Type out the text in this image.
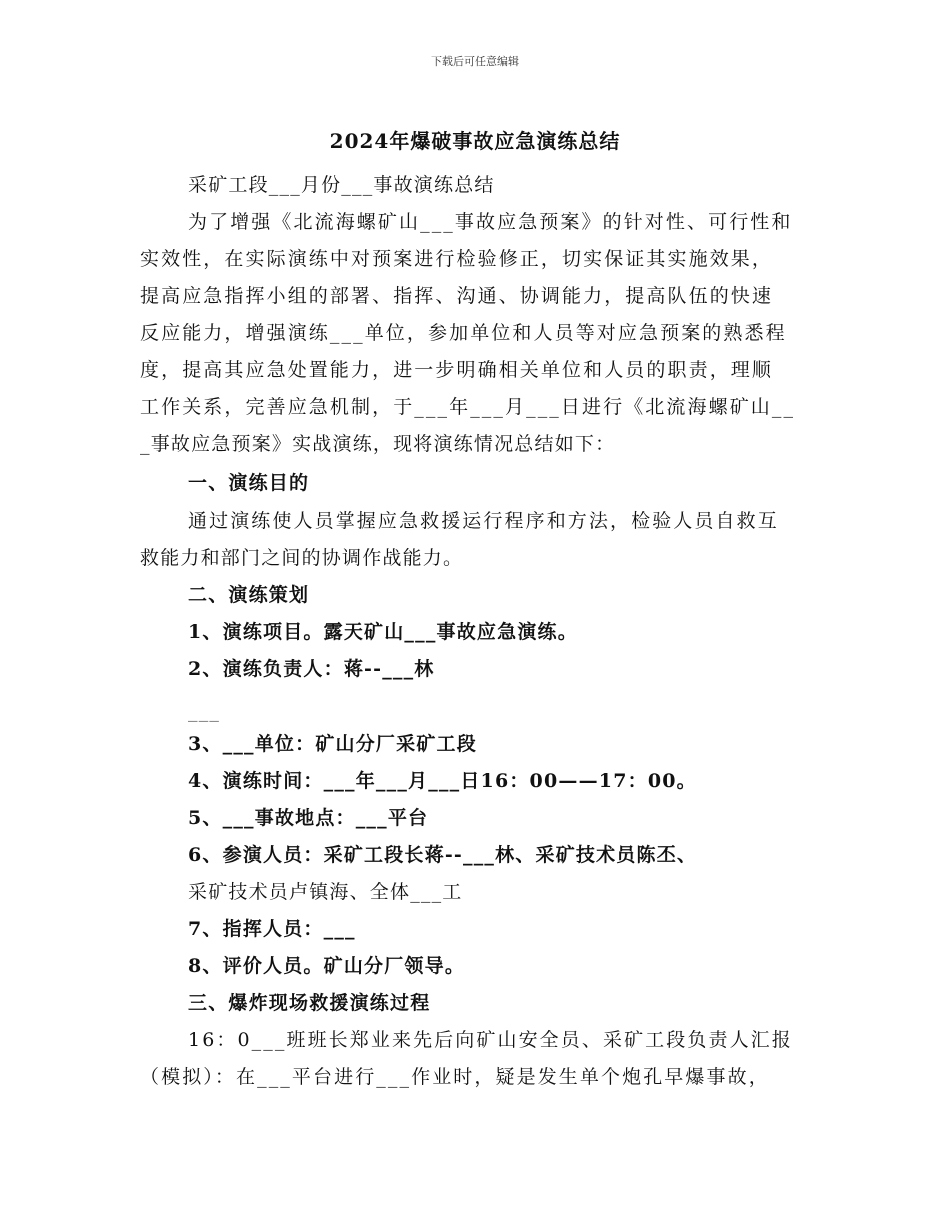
下载后可任意编辑
2024年爆破事故应急演练总结
采矿工段___月份___事故演练总结
为了增强《北流海螺矿山___事故应急预案》的针对性、可行性和
实效性，在实际演练中对预案进行检验修正，切实保证其实施效果，
提高应急指挥小组的部署、指挥、沟通、协调能力，提高队伍的快速
反应能力，增强演练___单位，参加单位和人员等对应急预案的熟悉程
度，提高其应急处置能力，进一步明确相关单位和人员的职责，理顺
工作关系，完善应急机制，于___年___月___日进行《北流海螺矿山__
_事故应急预案》实战演练，现将演练情况总结如下：
一、演练目的
通过演练使人员掌握应急救援运行程序和方法，检验人员自救互
救能力和部门之间的协调作战能力。
二、演练策划
1、演练项目。露天矿山___事故应急演练。
2、演练负责人：蒋--___林
___
3、___单位：矿山分厂采矿工段
4、演练时间：___年___月___日16：00——17：00。
5、___事故地点：___平台
6、参演人员：采矿工段长蒋--___林、采矿技术员陈丕、
采矿技术员卢镇海、全体___工
7、指挥人员：___
8、评价人员。矿山分厂领导。
三、爆炸现场救援演练过程
16：0___班班长郑业来先后向矿山安全员、采矿工段负责人汇报
（模拟）：在___平台进行___作业时，疑是发生单个炮孔早爆事故，
